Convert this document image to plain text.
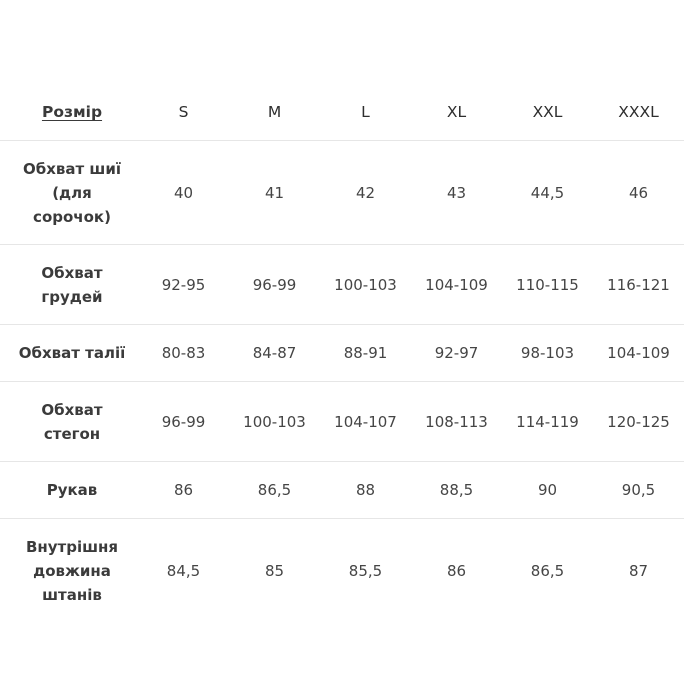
Розмір	S	M	L	XL	XXL	XXXL
Обхват шиї (для сорочок)	40	41	42	43	44,5	46
Обхват грудей	92-95	96-99	100-103	104-109	110-115	116-121
Обхват талії	80-83	84-87	88-91	92-97	98-103	104-109
Обхват стегон	96-99	100-103	104-107	108-113	114-119	120-125
Рукав	86	86,5	88	88,5	90	90,5
Внутрішня довжина штанів	84,5	85	85,5	86	86,5	87
